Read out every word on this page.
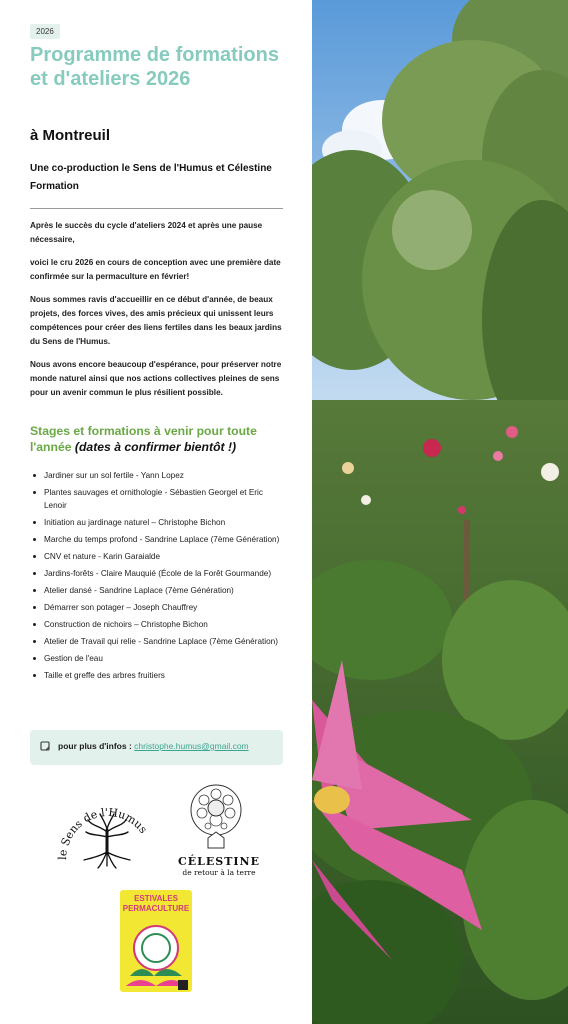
2026
Programme de formations et d'ateliers 2026
à Montreuil
Une co-production le Sens de l'Humus et Célestine Formation

Après le succès du cycle d'ateliers 2024 et après une pause nécessaire,

voici le cru 2026 en cours de conception avec une première date confirmée sur la permaculture en février!

Nous sommes ravis d'accueillir en ce début d'année, de beaux projets, des forces vives, des amis précieux qui unissent leurs compétences pour créer des liens fertiles dans les beaux jardins du Sens de l'Humus.

Nous avons encore beaucoup d'espérance, pour préserver notre monde naturel ainsi que nos actions collectives pleines de sens pour un avenir commun le plus résilient possible.

Stages et formations à venir pour toute l'année (dates à confirmer bientôt !)
Jardiner sur un sol fertile - Yann Lopez
Plantes sauvages et ornithologie - Sébastien Georgel et Eric Lenoir
Initiation au jardinage naturel – Christophe Bichon
Marche du temps profond - Sandrine Laplace (7ème Génération)
CNV et nature - Karin Garaialde
Jardins-forêts - Claire Mauquié (École de la Forêt Gourmande)
Atelier dansé - Sandrine Laplace (7ème Génération)
Démarrer son potager – Joseph Chauffrey
Construction de nichoirs – Christophe Bichon
Atelier de Travail qui relie - Sandrine Laplace (7ème Génération)
Gestion de l'eau
Taille et greffe des arbres fruitiers
pour plus d'infos : christophe.humus@gmail.com
le Sens de l'Humus
CÉLESTINE
de retour à la terre
ESTIVALES
PERMACULTURE
